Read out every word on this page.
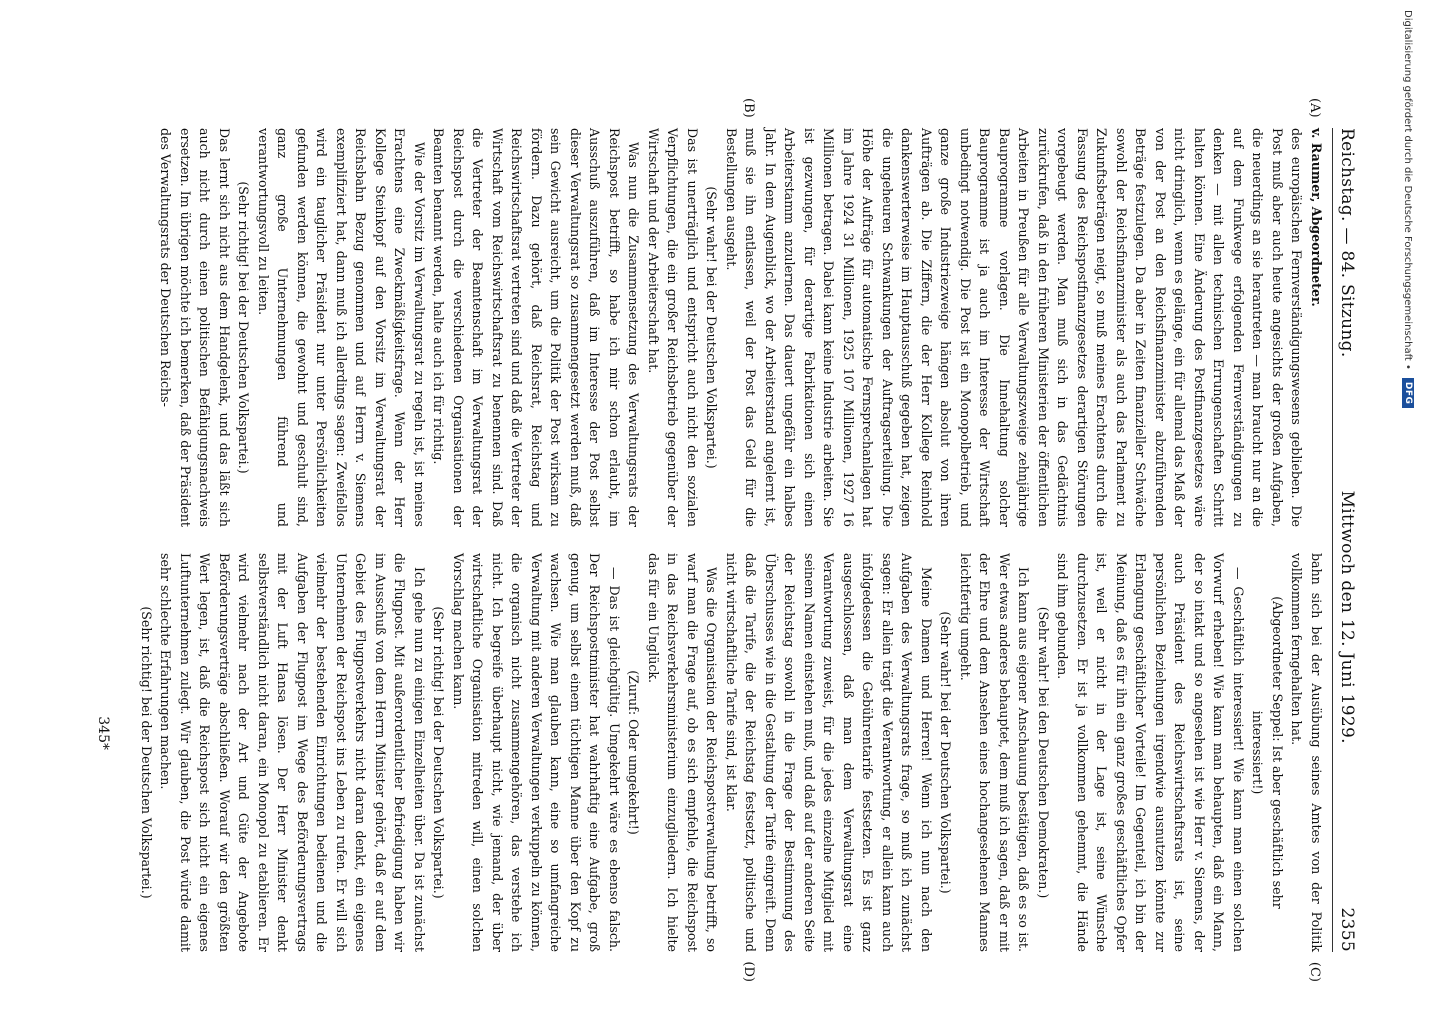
Reichstag. — 84. Sitzung.
Mittwoch den 12. Juni 1929.
2355
(A)
(B)
(C)
(D)

v. Raumer, Abgeordneter.

des europäischen Fernverständigungswesens geblieben. Die Post muß aber auch heute angesichts der großen Aufgaben, die neuerdings an sie herantreten — man braucht nur an die auf dem Funkwege erfolgenden Fernverständigungen zu denken — mit allen technischen Errungenschaften Schritt halten können. Eine Änderung des Postfinanzgesetzes wäre nicht dringlich, wenn es gelänge, ein für allemal das Maß der von der Post an den Reichsfinanzminister abzuführenden Beträge festzulegen. Da aber in Zeiten finanzieller Schwäche sowohl der Reichsfinanzminister als auch das Parlament zu Zukunftsbeträgen neigt, so muß meines Erachtens durch die Fassung des Reichspostfinanzgesetzes derartigen Störungen vorgebeugt werden. Man muß sich in das Gedächtnis zurückrufen, daß in den früheren Ministerien der öffentlichen Arbeiten in Preußen für alle Verwaltungszweige zehnjährige Bauprogramme vorlagen. Die Innehaltung solcher Bauprogramme ist ja auch im Interesse der Wirtschaft unbedingt notwendig. Die Post ist ein Monopolbetrieb, und ganze große Industriezweige hängen absolut von ihren Aufträgen ab. Die Ziffern, die der Herr Kollege Reinhold dankenswerterweise im Hauptausschuß gegeben hat, zeigen die ungeheuren Schwankungen der Auftragserteilung. Die Höhe der Aufträge für automatische Fernsprechanlagen hat im Jahre 1924 31 Millionen, 1925 107 Millionen, 1927 16 Millionen betragen. Dabei kann keine Industrie arbeiten. Sie ist gezwungen, für derartige Fabrikationen sich einen Arbeiterstamm anzulernen. Das dauert ungefähr ein halbes Jahr. In dem Augenblick, wo der Arbeiterstand angelernt ist, muß sie ihn entlassen, weil der Post das Geld für die Bestellungen ausgeht.

(Sehr wahr! bei der Deutschen Volkspartei.)

Das ist unerträglich und entspricht auch nicht den sozialen Verpflichtungen, die ein großer Reichsbetrieb gegenüber der Wirtschaft und der Arbeiterschaft hat.

Was nun die Zusammensetzung des Verwaltungsrats der Reichspost betrifft, so habe ich mir schon erlaubt, im Ausschuß auszuführen, daß im Interesse der Post selbst dieser Verwaltungsrat so zusammengesetzt werden muß, daß sein Gewicht ausreicht, um die Politik der Post wirksam zu fördern. Dazu gehört, daß Reichsrat, Reichstag und Reichswirtschaftsrat vertreten sind und daß die Vertreter der Wirtschaft vom Reichswirtschaftsrat zu benennen sind. Daß die Vertreter der Beamtenschaft im Verwaltungsrat der Reichspost durch die verschiedenen Organisationen der Beamten benannt werden, halte auch ich für richtig.

Wie der Vorsitz im Verwaltungsrat zu regeln ist, ist meines Erachtens eine Zweckmäßigkeitsfrage. Wenn der Herr Kollege Steinkopf auf den Vorsitz im Verwaltungsrat der Reichsbahn Bezug genommen und auf Herrn v. Siemens exemplifiziert hat, dann muß ich allerdings sagen: Zweifellos wird ein tauglicher Präsident nur unter Persönlichkeiten gefunden werden können, die gewohnt und geschult sind, ganz große Unternehmungen führend und verantwortungsvoll zu leiten.

(Sehr richtig! bei der Deutschen Volkspartei.)

Das lernt sich nicht aus dem Handgelenk, und das läßt sich auch nicht durch einen politischen Befähigungsnachweis ersetzen. Im übrigen möchte ich bemerken, daß der Präsident des Verwaltungsrats der Deutschen Reichs-

bahn sich bei der Ausübung seines Amtes von der Politik vollkommen ferngehalten hat.

(Abgeordneter Seppel: Ist aber geschäftlich sehr interessiert!)

— Geschäftlich interessiert! Wie kann man einen solchen Vorwurf erheben! Wie kann man behaupten, daß ein Mann, der so intakt und so angesehen ist wie Herr v. Siemens, der auch Präsident des Reichswirtschaftsrats ist, seine persönlichen Beziehungen irgendwie ausnutzen könnte zur Erlangung geschäftlicher Vorteile! Im Gegenteil, ich bin der Meinung, daß es für ihn ein ganz großes geschäftliches Opfer ist, weil er nicht in der Lage ist, seine Wünsche durchzusetzen. Er ist ja vollkommen gehemmt, die Hände sind ihm gebunden.

(Sehr wahr! bei den Deutschen Demokraten.)

Ich kann aus eigener Anschauung bestätigen, daß es so ist. Wer etwas anderes behauptet, dem muß ich sagen, daß er mit der Ehre und dem Ansehen eines hochangesehenen Mannes leichtfertig umgeht.

(Sehr wahr! bei der Deutschen Volkspartei.)

Meine Damen und Herren! Wenn ich nun nach den Aufgaben des Verwaltungsrats frage, so muß ich zunächst sagen: Er allein trägt die Verantwortung, er allein kann auch infolgedessen die Gebührentarife festsetzen. Es ist ganz ausgeschlossen, daß man dem Verwaltungsrat eine Verantwortung zuweist, für die jedes einzelne Mitglied mit seinem Namen einstehen muß, und daß auf der anderen Seite der Reichstag sowohl in die Frage der Bestimmung des Überschusses wie in die Gestaltung der Tarife eingreift. Denn daß die Tarife, die der Reichstag festsetzt, politische und nicht wirtschaftliche Tarife sind, ist klar.

Was die Organisation der Reichspostverwaltung betrifft, so warf man die Frage auf, ob es sich empfehle, die Reichspost in das Reichsverkehrsministerium einzugliedern. Ich hielte das für ein Unglück.

(Zuruf: Oder umgekehrt!)

— Das ist gleichgültig. Umgekehrt wäre es ebenso falsch. Der Reichspostminister hat wahrhaftig eine Aufgabe, groß genug, um selbst einem tüchtigen Manne über den Kopf zu wachsen. Wie man glauben kann, eine so umfangreiche Verwaltung mit anderen Verwaltungen verkuppeln zu können, die organisch nicht zusammengehören, das verstehe ich nicht. Ich begreife überhaupt nicht, wie jemand, der über wirtschaftliche Organisation mitreden will, einen solchen Vorschlag machen kann.

(Sehr richtig! bei der Deutschen Volkspartei.)

Ich gehe nun zu einigen Einzelheiten über. Da ist zunächst die Flugpost. Mit außerordentlicher Befriedigung haben wir im Ausschuß von dem Herrn Minister gehört, daß er auf dem Gebiet des Flugpostverkehrs nicht daran denkt, ein eigenes Unternehmen der Reichspost ins Leben zu rufen. Er will sich vielmehr der bestehenden Einrichtungen bedienen und die Aufgaben der Flugpost im Wege des Beförderungsvertrags mit der Luft Hansa lösen. Der Herr Minister denkt selbstverständlich nicht daran, ein Monopol zu etablieren. Er wird vielmehr nach der Art und Güte der Angebote Beförderungsverträge abschließen. Worauf wir den größten Wert legen, ist, daß die Reichspost sich nicht ein eigenes Luftunternehmen zulegt. Wir glauben, die Post würde damit sehr schlechte Erfahrungen machen.

(Sehr richtig! bei der Deutschen Volkspartei.)

345*
Digitalisierung gefördert durch die Deutsche Forschungsgemeinschaft •
DFG
